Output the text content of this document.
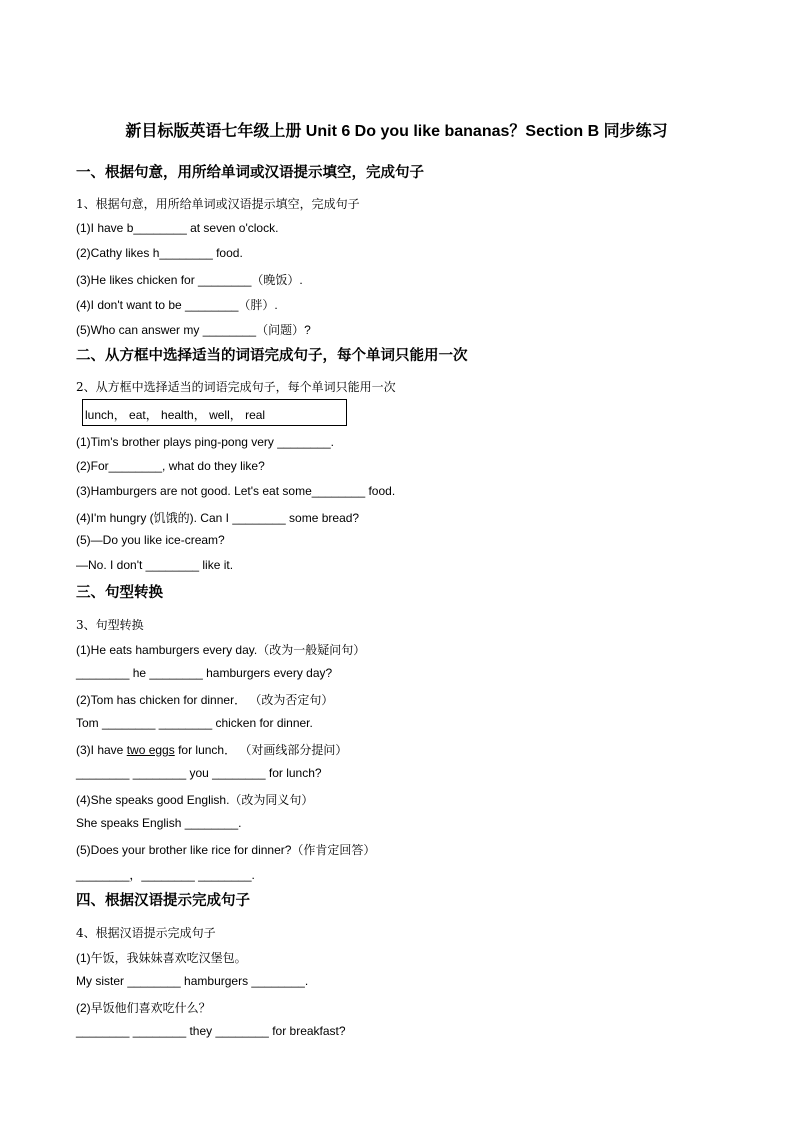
新目标版英语七年级上册 Unit 6 Do you like bananas？Section B 同步练习
一、根据句意，用所给单词或汉语提示填空，完成句子
1、根据句意，用所给单词或汉语提示填空，完成句子
(1)I have b________ at seven o'clock.
(2)Cathy likes h________ food.
(3)He likes chicken for ________（晚饭）.
(4)I don't want to be ________（胖）.
(5)Who can answer my ________（问题）?
二、从方框中选择适当的词语完成句子，每个单词只能用一次
2、从方框中选择适当的词语完成句子，每个单词只能用一次
lunch， eat， health， well， real
(1)Tim's brother plays ping-pong very ________.
(2)For________, what do they like?
(3)Hamburgers are not good. Let's eat some________ food.
(4)I'm hungry (饥饿的). Can I ________ some bread?
(5)—Do you like ice-cream?
—No. I don't ________ like it.
三、句型转换
3、句型转换
(1)He eats hamburgers every day.（改为一般疑问句）
________ he ________ hamburgers every day?
(2)Tom has chicken for dinner． （改为否定句）
Tom ________ ________ chicken for dinner.
(3)I have two eggs for lunch． （对画线部分提问）
________ ________ you ________ for lunch?
(4)She speaks good English.（改为同义句）
She speaks English ________.
(5)Does your brother like rice for dinner?（作肯定回答）
________，________ ________.
四、根据汉语提示完成句子
4、根据汉语提示完成句子
(1)午饭，我妹妹喜欢吃汉堡包。
My sister ________ hamburgers ________.
(2)早饭他们喜欢吃什么？
________ ________ they ________ for breakfast?
